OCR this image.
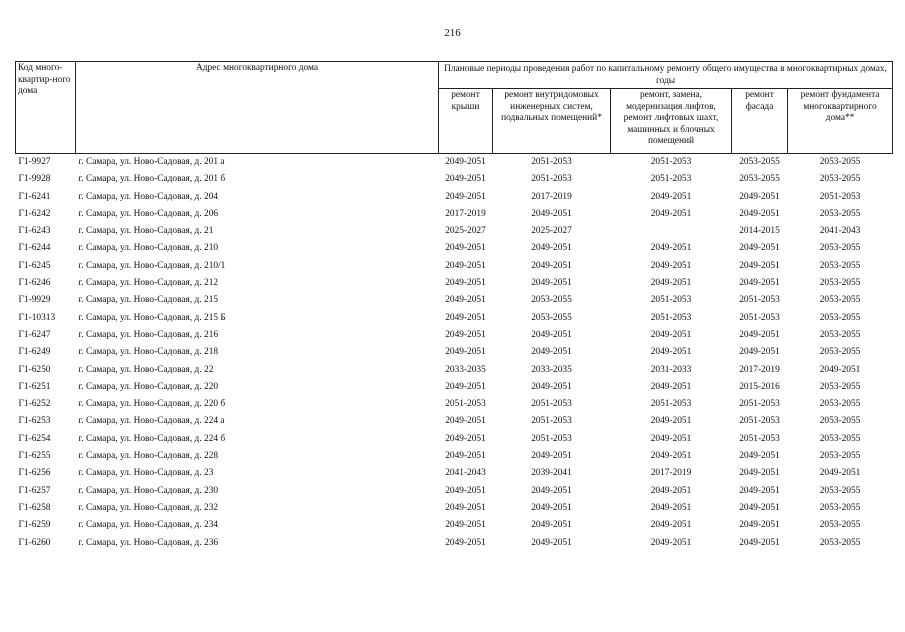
216
Код много-квартир-ного дома	Адрес многоквартирного дома	Плановые периоды проведения работ по капитальному ремонту общего имущества в многоквартирных домах, годы				
		ремонт крыши	ремонт внутридомовых инженерных систем, подвальных помещений*	ремонт, замена, модернизация лифтов, ремонт лифтовых шахт, машинных и блочных помещений	ремонт фасада	ремонт фундамента многоквартирного дома**
Г1-9927	г. Самара, ул. Ново-Садовая, д. 201 а	2049-2051	2051-2053	2051-2053	2053-2055	2053-2055
Г1-9928	г. Самара, ул. Ново-Садовая, д. 201 б	2049-2051	2051-2053	2051-2053	2053-2055	2053-2055
Г1-6241	г. Самара, ул. Ново-Садовая, д. 204	2049-2051	2017-2019	2049-2051	2049-2051	2051-2053
Г1-6242	г. Самара, ул. Ново-Садовая, д. 206	2017-2019	2049-2051	2049-2051	2049-2051	2053-2055
Г1-6243	г. Самара, ул. Ново-Садовая, д. 21	2025-2027	2025-2027		2014-2015	2041-2043
Г1-6244	г. Самара, ул. Ново-Садовая, д. 210	2049-2051	2049-2051	2049-2051	2049-2051	2053-2055
Г1-6245	г. Самара, ул. Ново-Садовая, д. 210/1	2049-2051	2049-2051	2049-2051	2049-2051	2053-2055
Г1-6246	г. Самара, ул. Ново-Садовая, д. 212	2049-2051	2049-2051	2049-2051	2049-2051	2053-2055
Г1-9929	г. Самара, ул. Ново-Садовая, д. 215	2049-2051	2053-2055	2051-2053	2051-2053	2053-2055
Г1-10313	г. Самара, ул. Ново-Садовая, д. 215 Б	2049-2051	2053-2055	2051-2053	2051-2053	2053-2055
Г1-6247	г. Самара, ул. Ново-Садовая, д. 216	2049-2051	2049-2051	2049-2051	2049-2051	2053-2055
Г1-6249	г. Самара, ул. Ново-Садовая, д. 218	2049-2051	2049-2051	2049-2051	2049-2051	2053-2055
Г1-6250	г. Самара, ул. Ново-Садовая, д. 22	2033-2035	2033-2035	2031-2033	2017-2019	2049-2051
Г1-6251	г. Самара, ул. Ново-Садовая, д. 220	2049-2051	2049-2051	2049-2051	2015-2016	2053-2055
Г1-6252	г. Самара, ул. Ново-Садовая, д. 220 б	2051-2053	2051-2053	2051-2053	2051-2053	2053-2055
Г1-6253	г. Самара, ул. Ново-Садовая, д. 224 а	2049-2051	2051-2053	2049-2051	2051-2053	2053-2055
Г1-6254	г. Самара, ул. Ново-Садовая, д. 224 б	2049-2051	2051-2053	2049-2051	2051-2053	2053-2055
Г1-6255	г. Самара, ул. Ново-Садовая, д. 228	2049-2051	2049-2051	2049-2051	2049-2051	2053-2055
Г1-6256	г. Самара, ул. Ново-Садовая, д. 23	2041-2043	2039-2041	2017-2019	2049-2051	2049-2051
Г1-6257	г. Самара, ул. Ново-Садовая, д. 230	2049-2051	2049-2051	2049-2051	2049-2051	2053-2055
Г1-6258	г. Самара, ул. Ново-Садовая, д. 232	2049-2051	2049-2051	2049-2051	2049-2051	2053-2055
Г1-6259	г. Самара, ул. Ново-Садовая, д. 234	2049-2051	2049-2051	2049-2051	2049-2051	2053-2055
Г1-6260	г. Самара, ул. Ново-Садовая, д. 236	2049-2051	2049-2051	2049-2051	2049-2051	2053-2055
